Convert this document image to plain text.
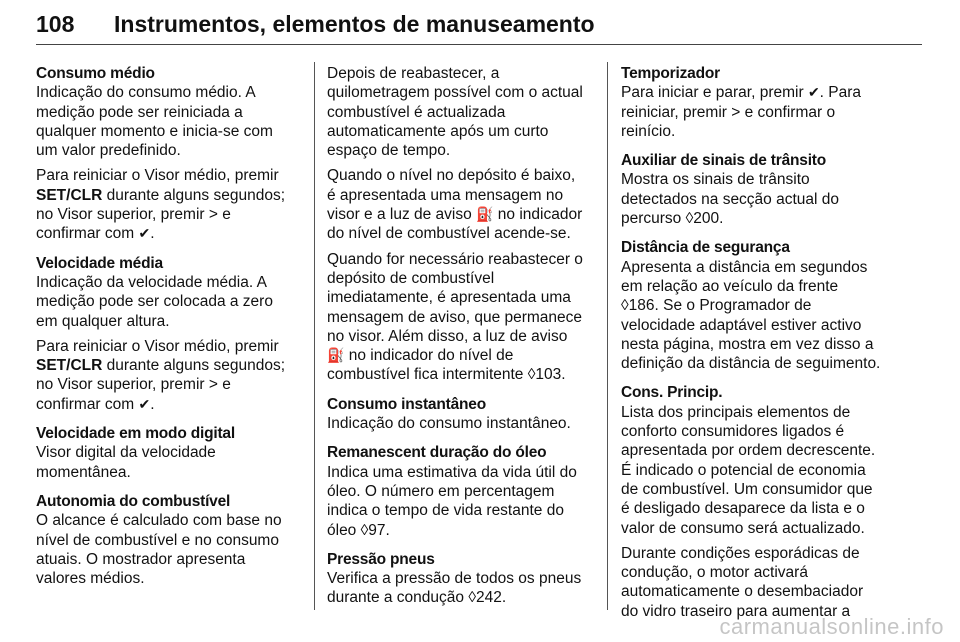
108	Instrumentos, elementos de manuseamento
Consumo médio
Indicação do consumo médio. A
medição pode ser reiniciada a
qualquer momento e inicia-se com
um valor predefinido.
Para reiniciar o Visor médio, premir
SET/CLR durante alguns segundos;
no Visor superior, premir > e
confirmar com ✔.
Velocidade média
Indicação da velocidade média. A
medição pode ser colocada a zero
em qualquer altura.
Para reiniciar o Visor médio, premir
SET/CLR durante alguns segundos;
no Visor superior, premir > e
confirmar com ✔.
Velocidade em modo digital
Visor digital da velocidade
momentânea.
Autonomia do combustível
O alcance é calculado com base no
nível de combustível e no consumo
atuais. O mostrador apresenta
valores médios.
Depois de reabastecer, a
quilometragem possível com o actual
combustível é actualizada
automaticamente após um curto
espaço de tempo.
Quando o nível no depósito é baixo,
é apresentada uma mensagem no
visor e a luz de aviso ⛽ no indicador
do nível de combustível acende-se.
Quando for necessário reabastecer o
depósito de combustível
imediatamente, é apresentada uma
mensagem de aviso, que permanece
no visor. Além disso, a luz de aviso
⛽ no indicador do nível de
combustível fica intermitente ◊103.
Consumo instantâneo
Indicação do consumo instantâneo.
Remanescent duração do óleo
Indica uma estimativa da vida útil do
óleo. O número em percentagem
indica o tempo de vida restante do
óleo ◊97.
Pressão pneus
Verifica a pressão de todos os pneus
durante a condução ◊242.
Temporizador
Para iniciar e parar, premir ✔. Para
reiniciar, premir > e confirmar o
reinício.
Auxiliar de sinais de trânsito
Mostra os sinais de trânsito
detectados na secção actual do
percurso ◊200.
Distância de segurança
Apresenta a distância em segundos
em relação ao veículo da frente
◊186. Se o Programador de
velocidade adaptável estiver activo
nesta página, mostra em vez disso a
definição da distância de seguimento.
Cons. Princip.
Lista dos principais elementos de
conforto consumidores ligados é
apresentada por ordem decrescente.
É indicado o potencial de economia
de combustível. Um consumidor que
é desligado desaparece da lista e o
valor de consumo será actualizado.
Durante condições esporádicas de
condução, o motor activará
automaticamente o desembaciador
do vidro traseiro para aumentar a
carmanualsonline.info
